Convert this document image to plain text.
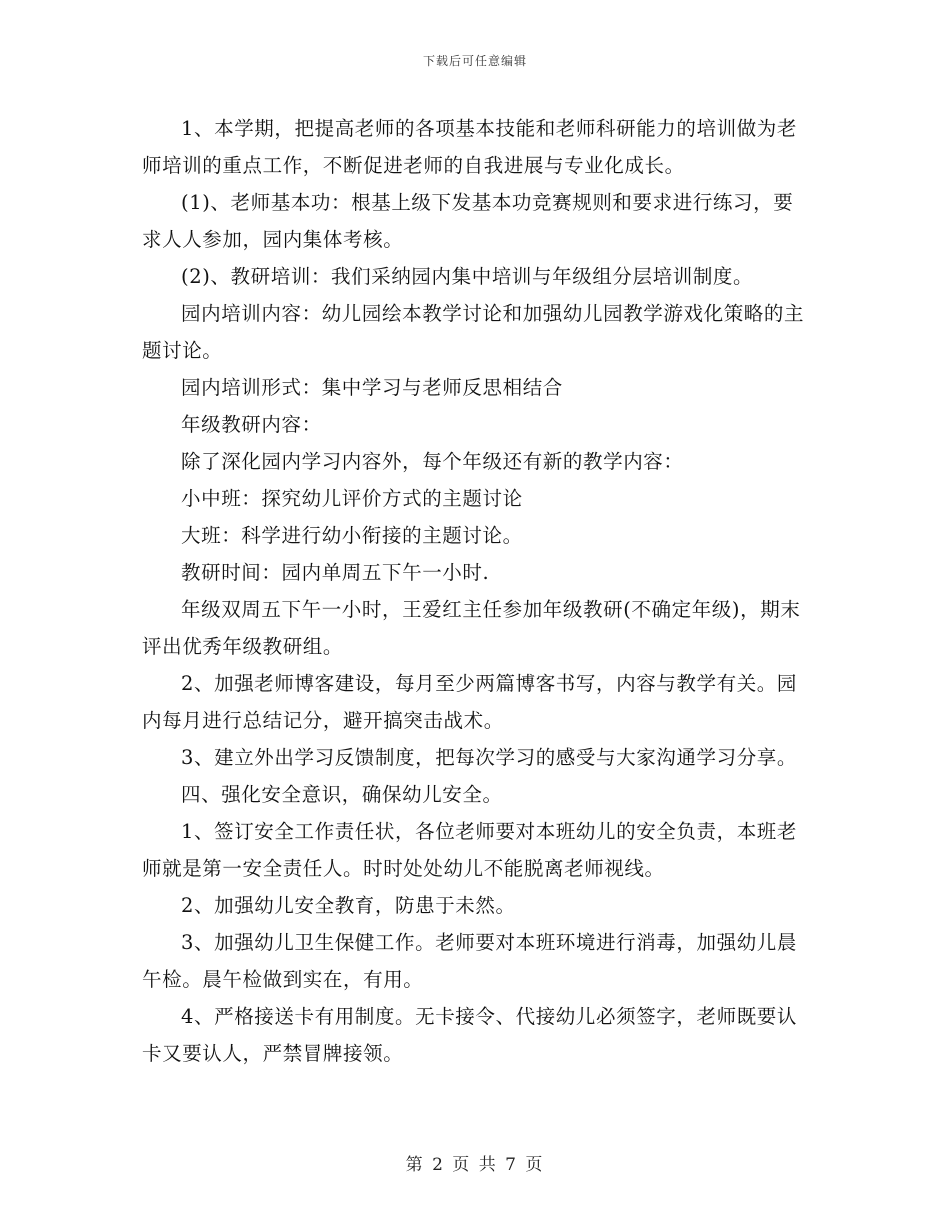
下载后可任意编辑

1、本学期，把提高老师的各项基本技能和老师科研能力的培训做为老师培训的重点工作，不断促进老师的自我进展与专业化成长。

(1)、老师基本功：根基上级下发基本功竞赛规则和要求进行练习，要求人人参加，园内集体考核。

(2)、教研培训：我们采纳园内集中培训与年级组分层培训制度。

园内培训内容：幼儿园绘本教学讨论和加强幼儿园教学游戏化策略的主题讨论。

园内培训形式：集中学习与老师反思相结合

年级教研内容：

除了深化园内学习内容外，每个年级还有新的教学内容：

小中班：探究幼儿评价方式的主题讨论

大班：科学进行幼小衔接的主题讨论。

教研时间：园内单周五下午一小时.

年级双周五下午一小时，王爱红主任参加年级教研(不确定年级)，期末评出优秀年级教研组。

2、加强老师博客建设，每月至少两篇博客书写，内容与教学有关。园内每月进行总结记分，避开搞突击战术。

3、建立外出学习反馈制度，把每次学习的感受与大家沟通学习分享。

四、强化安全意识，确保幼儿安全。

1、签订安全工作责任状，各位老师要对本班幼儿的安全负责，本班老师就是第一安全责任人。时时处处幼儿不能脱离老师视线。

2、加强幼儿安全教育，防患于未然。

3、加强幼儿卫生保健工作。老师要对本班环境进行消毒，加强幼儿晨午检。晨午检做到实在，有用。

4、严格接送卡有用制度。无卡接令、代接幼儿必须签字，老师既要认卡又要认人，严禁冒牌接领。

第 2 页 共 7 页
